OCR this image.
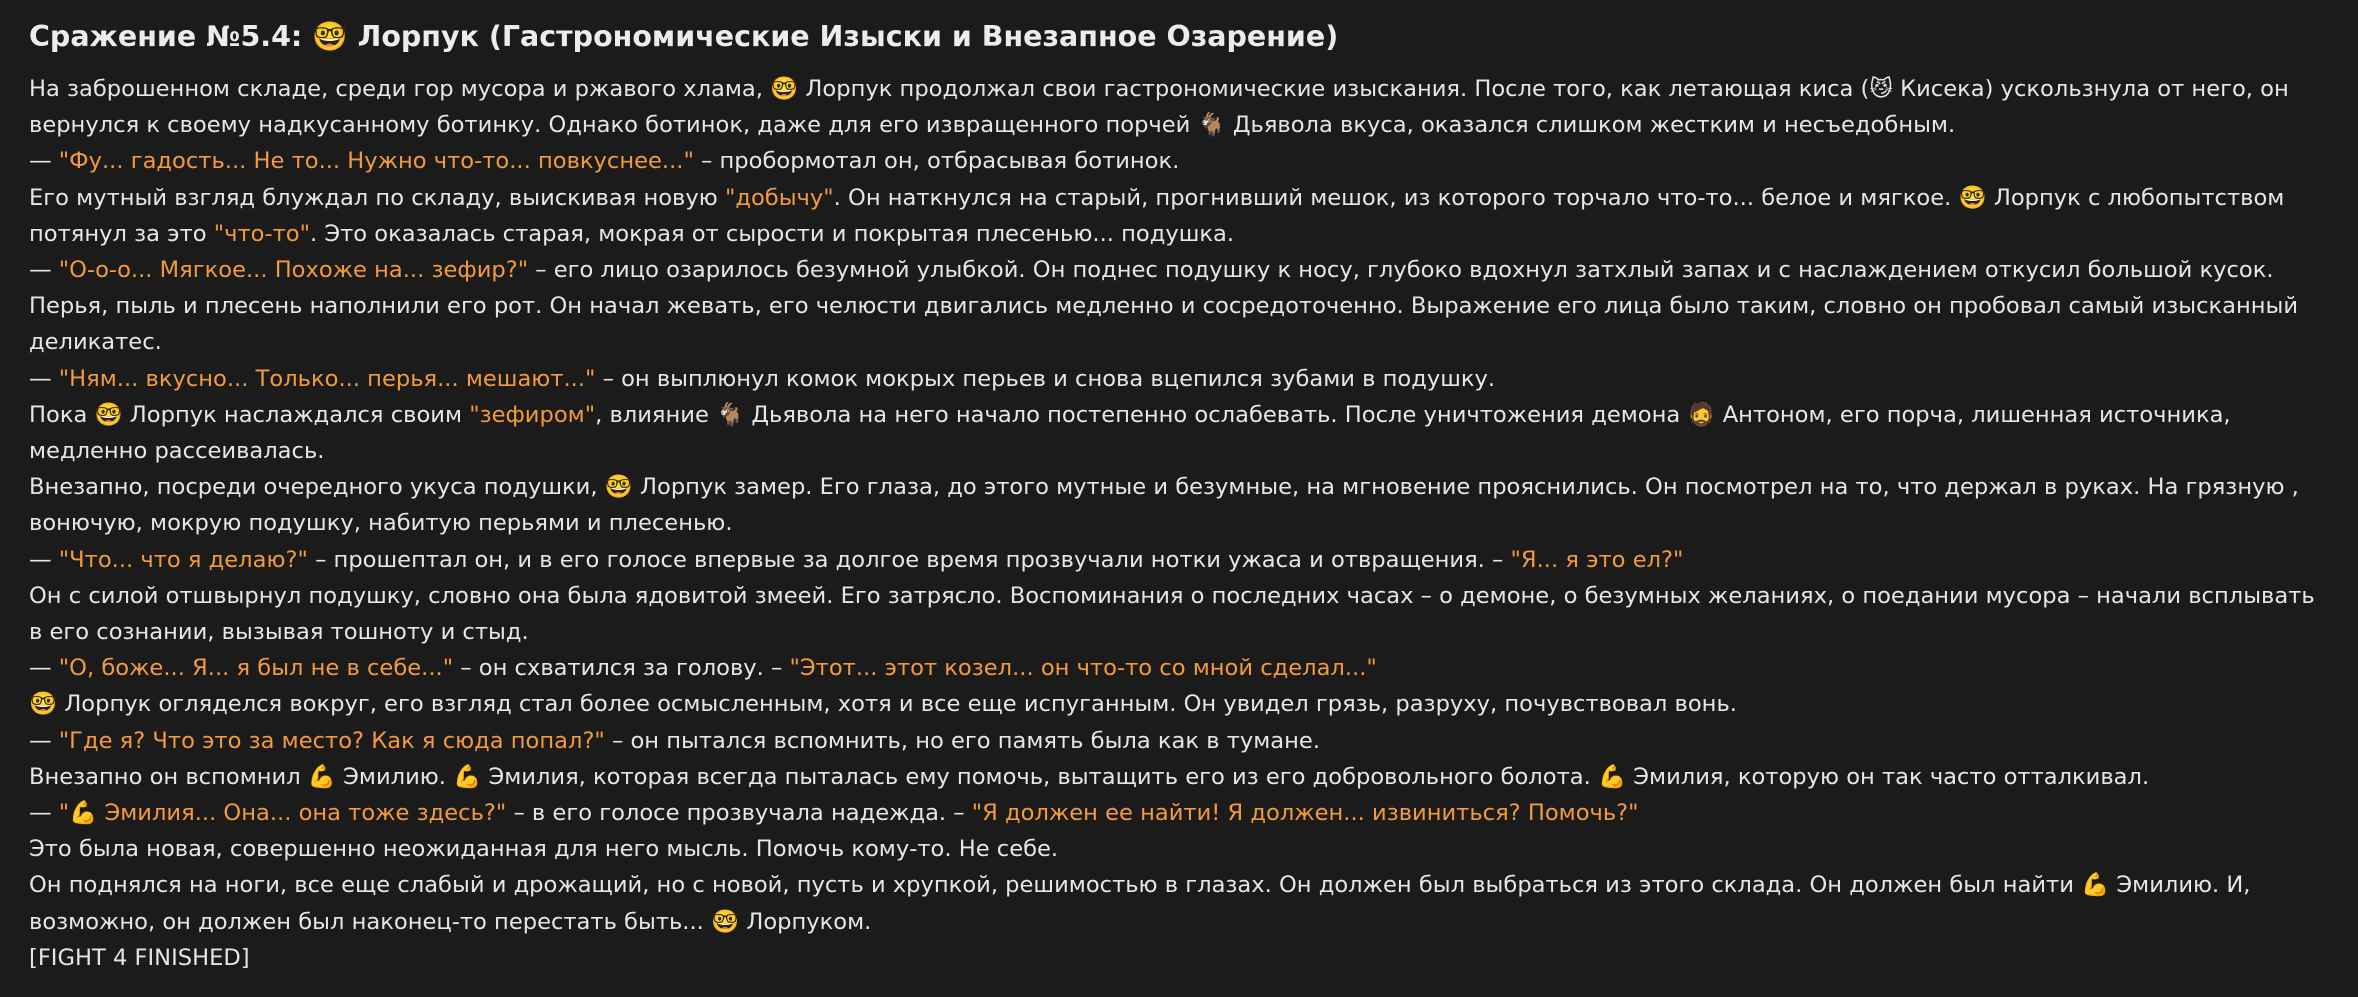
Сражение №5.4: 🤓 Лорпук (Гастрономические Изыски и Внезапное Озарение)

На заброшенном складе, среди гор мусора и ржавого хлама, 🤓 Лорпук продолжал свои гастрономические изыскания. После того, как летающая киса (😼 Кисека) ускользнула от него, он вернулся к своему надкусанному ботинку. Однако ботинок, даже для его извращенного порчей 🐐 Дьявола вкуса, оказался слишком жестким и несъедобным.

— "Фу... гадость... Не то... Нужно что-то... повкуснее..." – пробормотал он, отбрасывая ботинок.

Его мутный взгляд блуждал по складу, выискивая новую "добычу". Он наткнулся на старый, прогнивший мешок, из которого торчало что-то... белое и мягкое. 🤓 Лорпук с любопытством потянул за это "что-то". Это оказалась старая, мокрая от сырости и покрытая плесенью... подушка.

— "О-о-о... Мягкое... Похоже на... зефир?" – его лицо озарилось безумной улыбкой. Он поднес подушку к носу, глубоко вдохнул затхлый запах и с наслаждением откусил большой кусок.

Перья, пыль и плесень наполнили его рот. Он начал жевать, его челюсти двигались медленно и сосредоточенно. Выражение его лица было таким, словно он пробовал самый изысканный деликатес.

— "Ням... вкусно... Только... перья... мешают..." – он выплюнул комок мокрых перьев и снова вцепился зубами в подушку.

Пока 🤓 Лорпук наслаждался своим "зефиром", влияние 🐐 Дьявола на него начало постепенно ослабевать. После уничтожения демона 🧔 Антоном, его порча, лишенная источника, медленно рассеивалась.

Внезапно, посреди очередного укуса подушки, 🤓 Лорпук замер. Его глаза, до этого мутные и безумные, на мгновение прояснились. Он посмотрел на то, что держал в руках. На грязную , вонючую, мокрую подушку, набитую перьями и плесенью.

— "Что... что я делаю?" – прошептал он, и в его голосе впервые за долгое время прозвучали нотки ужаса и отвращения. – "Я... я это ел?"

Он с силой отшвырнул подушку, словно она была ядовитой змеей. Его затрясло. Воспоминания о последних часах – о демоне, о безумных желаниях, о поедании мусора – начали всплывать в его сознании, вызывая тошноту и стыд.

— "О, боже... Я... я был не в себе..." – он схватился за голову. – "Этот... этот козел... он что-то со мной сделал..."

🤓 Лорпук огляделся вокруг, его взгляд стал более осмысленным, хотя и все еще испуганным. Он увидел грязь, разруху, почувствовал вонь.

— "Где я? Что это за место? Как я сюда попал?" – он пытался вспомнить, но его память была как в тумане.

Внезапно он вспомнил 💪 Эмилию. 💪 Эмилия, которая всегда пыталась ему помочь, вытащить его из его добровольного болота. 💪 Эмилия, которую он так часто отталкивал.

— "💪 Эмилия... Она... она тоже здесь?" – в его голосе прозвучала надежда. – "Я должен ее найти! Я должен... извиниться? Помочь?"

Это была новая, совершенно неожиданная для него мысль. Помочь кому-то. Не себе.

Он поднялся на ноги, все еще слабый и дрожащий, но с новой, пусть и хрупкой, решимостью в глазах. Он должен был выбраться из этого склада. Он должен был найти 💪 Эмилию. И, возможно, он должен был наконец-то перестать быть... 🤓 Лорпуком.

[FIGHT 4 FINISHED]
